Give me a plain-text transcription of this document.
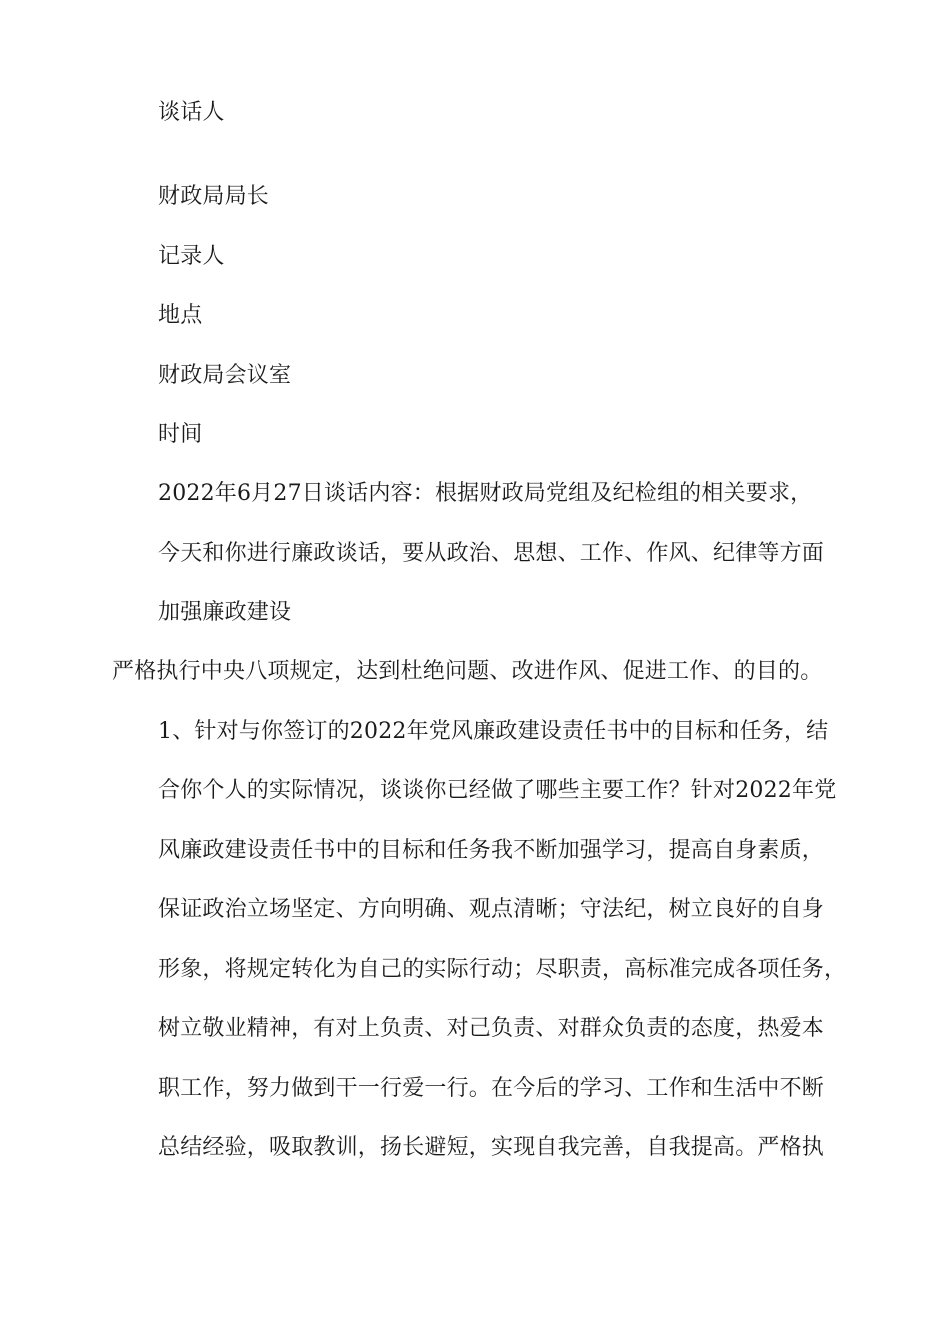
谈话人
财政局局长
记录人
地点
财政局会议室
时间
2022年6月27日谈话内容：根据财政局党组及纪检组的相关要求，
今天和你进行廉政谈话，要从政治、思想、工作、作风、纪律等方面
加强廉政建设
严格执行中央八项规定，达到杜绝问题、改进作风、促进工作、的目的。
1、针对与你签订的2022年党风廉政建设责任书中的目标和任务，结
合你个人的实际情况，谈谈你已经做了哪些主要工作？针对2022年党
风廉政建设责任书中的目标和任务我不断加强学习，提高自身素质，
保证政治立场坚定、方向明确、观点清晰；守法纪，树立良好的自身
形象，将规定转化为自己的实际行动；尽职责，高标准完成各项任务，
树立敬业精神，有对上负责、对己负责、对群众负责的态度，热爱本
职工作，努力做到干一行爱一行。在今后的学习、工作和生活中不断
总结经验，吸取教训，扬长避短，实现自我完善，自我提高。严格执
